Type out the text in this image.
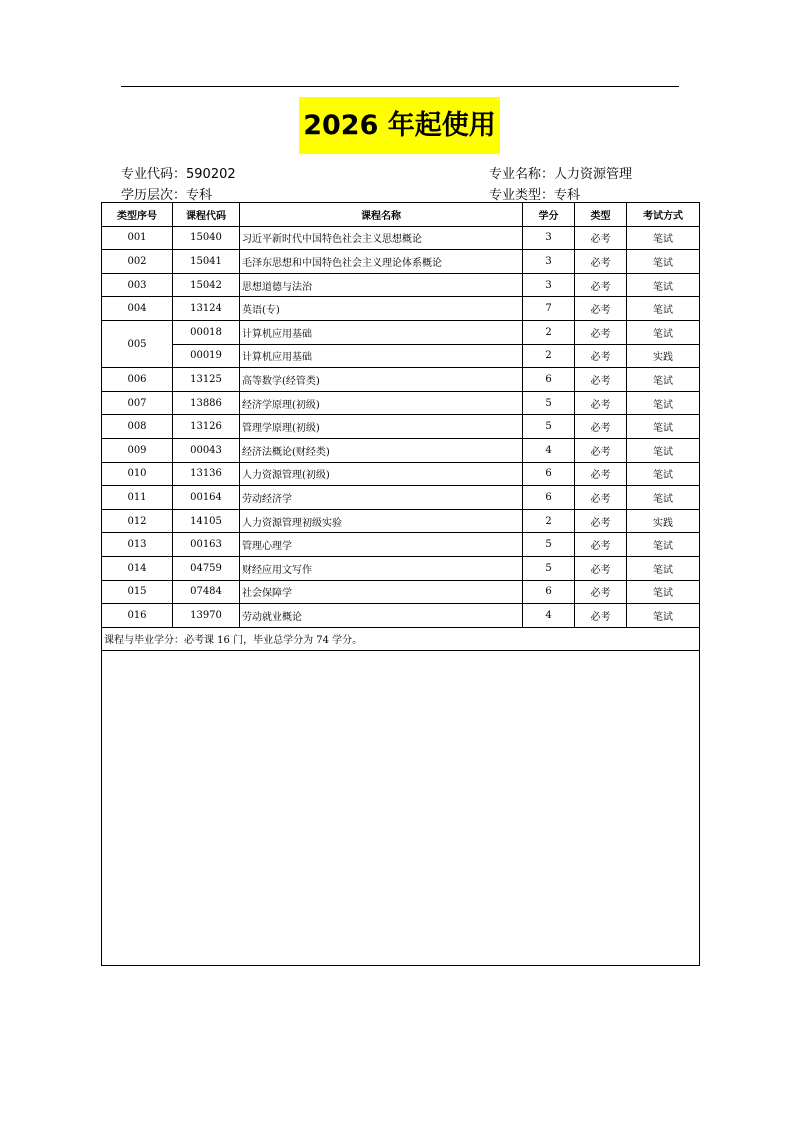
2026 年起使用
专业代码：590202	专业名称：人力资源管理
学历层次：专科	专业类型：专科
类型序号	课程代码	课程名称	学分	类型	考试方式
001	15040	习近平新时代中国特色社会主义思想概论	3	必考	笔试
002	15041	毛泽东思想和中国特色社会主义理论体系概论	3	必考	笔试
003	15042	思想道德与法治	3	必考	笔试
004	13124	英语(专)	7	必考	笔试
005	00018	计算机应用基础	2	必考	笔试
	00019	计算机应用基础	2	必考	实践
006	13125	高等数学(经管类)	6	必考	笔试
007	13886	经济学原理(初级)	5	必考	笔试
008	13126	管理学原理(初级)	5	必考	笔试
009	00043	经济法概论(财经类)	4	必考	笔试
010	13136	人力资源管理(初级)	6	必考	笔试
011	00164	劳动经济学	6	必考	笔试
012	14105	人力资源管理初级实验	2	必考	实践
013	00163	管理心理学	5	必考	笔试
014	04759	财经应用文写作	5	必考	笔试
015	07484	社会保障学	6	必考	笔试
016	13970	劳动就业概论	4	必考	笔试
课程与毕业学分：必考课 16 门，毕业总学分为 74 学分。					
